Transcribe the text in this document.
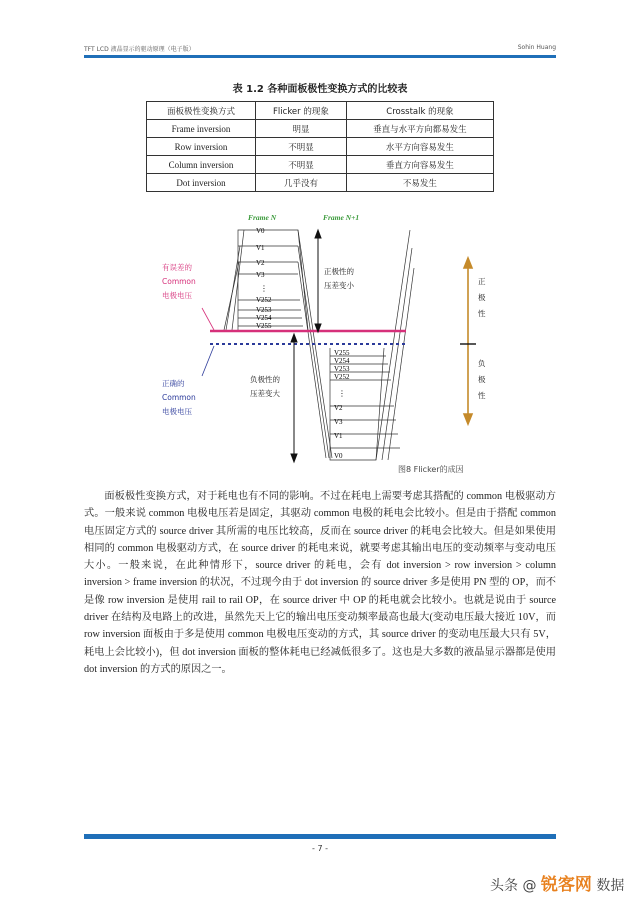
TFT LCD 液晶显示的驱动原理（电子版）	Sohin Huang
表 1.2 各种面板极性变换方式的比较表
面板极性变换方式	Flicker 的现象	Crosstalk 的现象
Frame inversion	明显	垂直与水平方向都易发生
Row inversion	不明显	水平方向容易发生
Column inversion	不明显	垂直方向容易发生
Dot inversion	几乎没有	不易发生
Frame N	Frame N+1
V0
V1
V2
V3
⋮
V252
V253
V254
V255
V255
V254
V253
V252
⋮
V2
V3
V1
V0
有误差的 Common 电极电压
正确的 Common 电极电压
正极性的 压差变小
负极性的 压差变大
正 极 性
负 极 性
图8 Flicker的成因

面板极性变换方式，对于耗电也有不同的影响。不过在耗电上需要考虑其搭配的 common 电极驱动方式。一般来说 common 电极电压若是固定，其驱动 common 电极的耗电会比较小。但是由于搭配 common 电压固定方式的 source driver 其所需的电压比较高，反而在 source driver 的耗电会比较大。但是如果使用相同的 common 电极驱动方式，在 source driver 的耗电来说，就要考虑其输出电压的变动频率与变动电压大小。一般来说，在此种情形下，source driver 的耗电，会有 dot inversion > row inversion > column inversion > frame inversion 的状况，不过现今由于 dot inversion 的 source driver 多是使用 PN 型的 OP，而不是像 row inversion 是使用 rail to rail OP，在 source driver 中 OP 的耗电就会比较小。也就是说由于 source driver 在结构及电路上的改进，虽然先天上它的输出电压变动频率最高也最大(变动电压最大接近 10V，而 row inversion 面板由于多是使用 common 电极电压变动的方式，其 source driver 的变动电压最大只有 5V，耗电上会比较小)，但 dot inversion 面板的整体耗电已经减低很多了。这也是大多数的液晶显示器都是使用 dot inversion 的方式的原因之一。

- 7 -
头条 @ 锐客网 数据
